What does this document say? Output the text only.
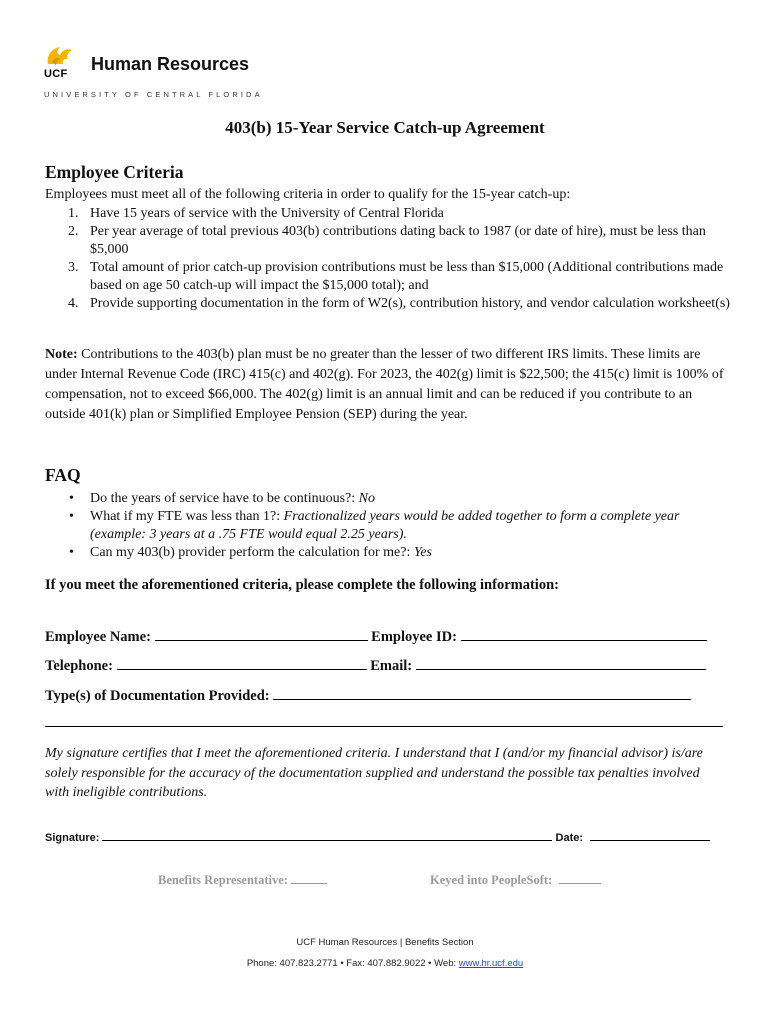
UCF Human Resources
UNIVERSITY OF CENTRAL FLORIDA
403(b) 15-Year Service Catch-up Agreement
Employee Criteria
Employees must meet all of the following criteria in order to qualify for the 15-year catch-up:
1. Have 15 years of service with the University of Central Florida
2. Per year average of total previous 403(b) contributions dating back to 1987 (or date of hire), must be less than $5,000
3. Total amount of prior catch-up provision contributions must be less than $15,000 (Additional contributions made based on age 50 catch-up will impact the $15,000 total); and
4. Provide supporting documentation in the form of W2(s), contribution history, and vendor calculation worksheet(s)
Note: Contributions to the 403(b) plan must be no greater than the lesser of two different IRS limits. These limits are under Internal Revenue Code (IRC) 415(c) and 402(g). For 2023, the 402(g) limit is $22,500; the 415(c) limit is 100% of compensation, not to exceed $66,000. The 402(g) limit is an annual limit and can be reduced if you contribute to an outside 401(k) plan or Simplified Employee Pension (SEP) during the year.
FAQ
• Do the years of service have to be continuous?: No
• What if my FTE was less than 1?: Fractionalized years would be added together to form a complete year (example: 3 years at a .75 FTE would equal 2.25 years).
• Can my 403(b) provider perform the calculation for me?: Yes
If you meet the aforementioned criteria, please complete the following information:
Employee Name:	Employee ID:
Telephone:	Email:
Type(s) of Documentation Provided:
My signature certifies that I meet the aforementioned criteria. I understand that I (and/or my financial advisor) is/are solely responsible for the accuracy of the documentation supplied and understand the possible tax penalties involved with ineligible contributions.
Signature:	Date:
Benefits Representative:	Keyed into PeopleSoft:
UCF Human Resources | Benefits Section
Phone: 407.823.2771 • Fax: 407.882.9022 • Web: www.hr.ucf.edu
